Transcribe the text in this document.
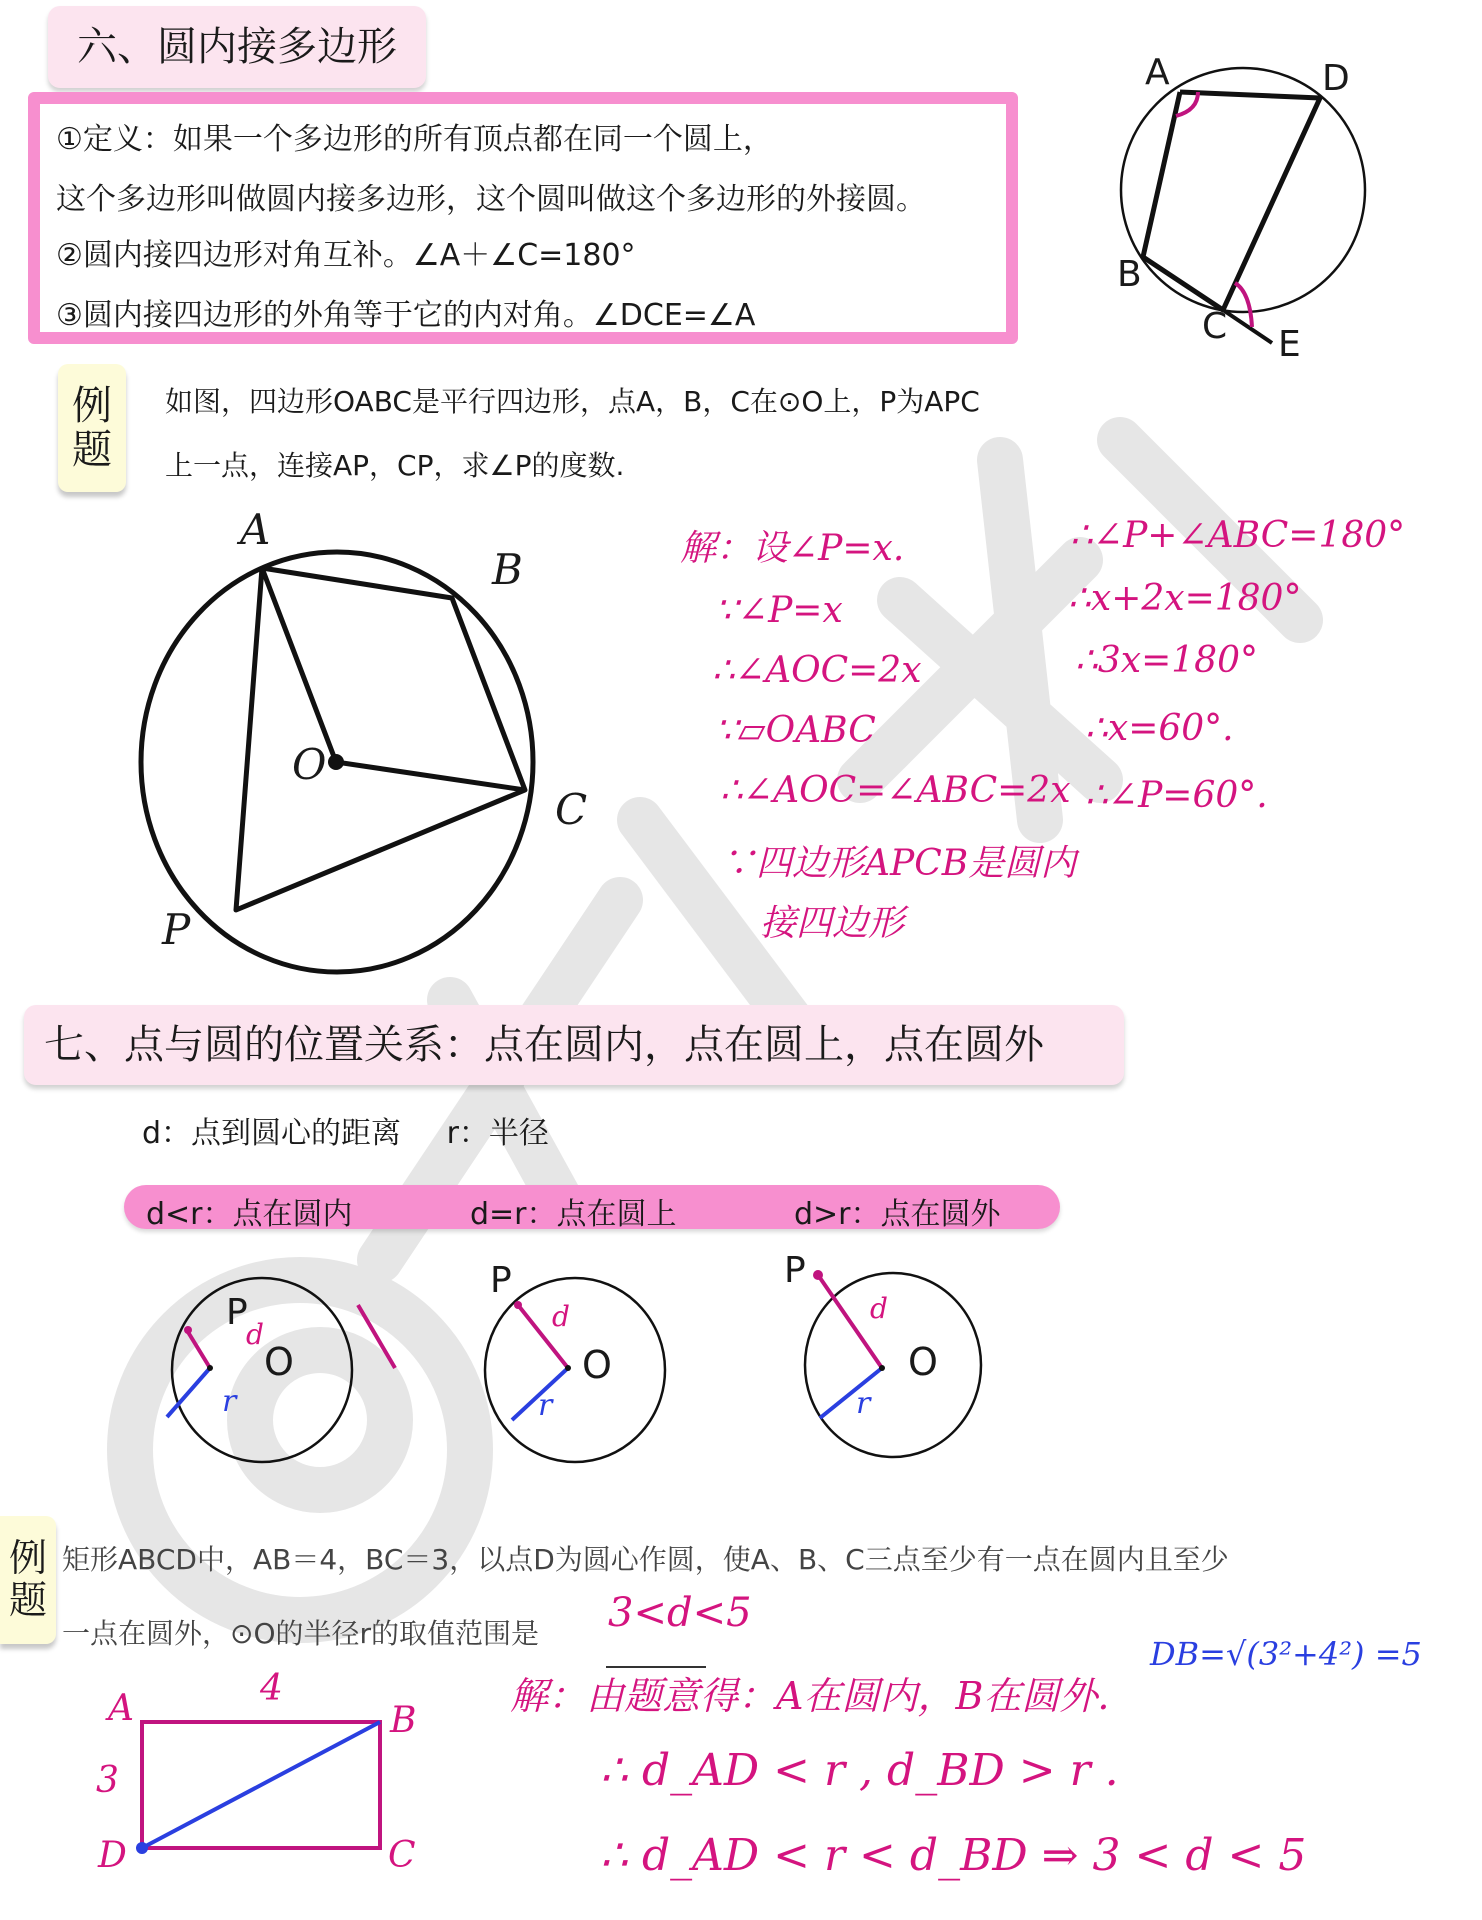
六、圆内接多边形
①定义：如果一个多边形的所有顶点都在同一个圆上，
这个多边形叫做圆内接多边形，这个圆叫做这个多边形的外接圆。
②圆内接四边形对角互补。∠A＋∠C=180°
③圆内接四边形的外角等于它的内对角。∠DCE=∠A
A	D
B
C E
例
题
如图，四边形OABC是平行四边形，点A，B，C在⊙O上，P为APC
上一点，连接AP，CP，求∠P的度数.
A
B
O
C
P
解：设∠P=x.
∵∠P=x
∴∠AOC=2x
∵▱OABC
∴∠AOC=∠ABC=2x
∵四边形APCB是圆内
接四边形
∴∠P+∠ABC=180°
∴x+2x=180°
∴3x=180°
∴x=60°.
∴∠P=60°.
七、点与圆的位置关系：点在圆内，点在圆上，点在圆外
d：点到圆心的距离 r：半径
d<r：点在圆内	d=r：点在圆上	d>r：点在圆外
P
O
d
r
P
O
d
r
P
O
d
r
例
题
矩形ABCD中，AB＝4，BC＝3，以点D为圆心作圆，使A、B、C三点至少有一点在圆内且至少
一点在圆外，⊙O的半径r的取值范围是 3<d<5
DB=√(3²+4²) =5
解：由题意得：A在圆内，B在圆外.
∴ d_AD < r , d_BD > r .
∴ d_AD < r < d_BD ⇒ 3 < d < 5
A	4
B
3
D	C
